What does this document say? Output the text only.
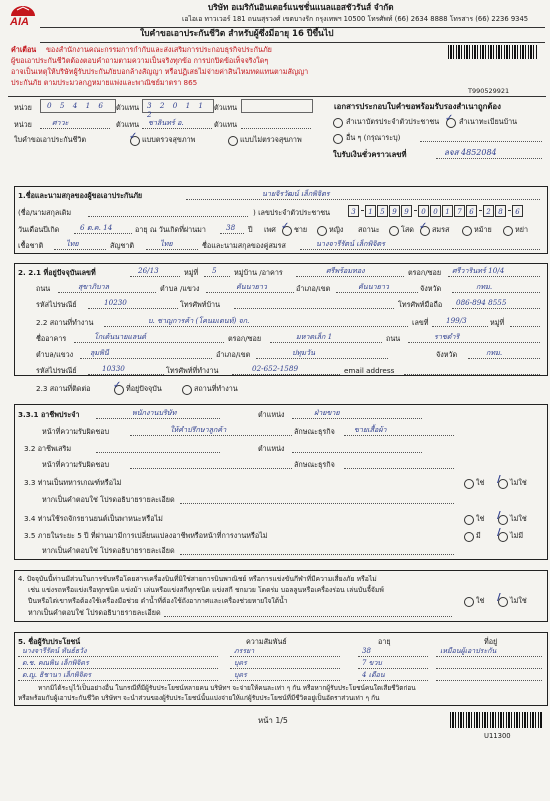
AIA
บริษัท อเมริกันอินเตอร์แนชชั่นแนลแอสชัวรันส์ จำกัด
เอไอเอ ทาวเวอร์ 181 ถนนสุรวงศ์ เขตบางรัก กรุงเทพฯ 10500 โทรศัพท์ (66) 2634 8888 โทรสาร (66) 2236 9345
ใบคำขอเอาประกันชีวิต สำหรับผู้ซึ่งมีอายุ 16 ปีขึ้นไป
คำเตือน ของสำนักงานคณะกรรมการกำกับและส่งเสริมการประกอบธุรกิจประกันภัย
ผู้ขอเอาประกันชีวิตต้องตอบคำถามตามความเป็นจริงทุกข้อ การปกปิดข้อเท็จจริงใดๆ
อาจเป็นเหตุให้บริษัทผู้รับประกันภัยบอกล้างสัญญา หรือปฏิเสธไม่จ่ายค่าสินไหมทดแทนตามสัญญา
ประกันภัย ตามประมวลกฎหมายแพ่งและพาณิชย์มาตรา 865
T990529921
หน่วย 0 5 4 1 6 ตัวแทน 3 2 0 1 1 2
ตัวแทน
หน่วย	ศาวะ	ตัวแทน ชาลินทร์ อ.	ตัวแทน
เอกสารประกอบใบคำขอพร้อมรับรองสำเนาถูกต้อง
สำเนาบัตรประจำตัวประชาชน ✓ สำเนาทะเบียนบ้าน
อื่น ๆ (กรุณาระบุ)
ใบรับเงินชั่วคราวเลขที่	ลจส 4852084
ใบคำขอเอาประกันชีวิต	✓ แบบตรวจสุขภาพ	แบบไม่ตรวจสุขภาพ
1.ชื่อและนามสกุลของผู้ขอเอาประกันภัย	นายจิรวัฒน์ เล็กพิจิตร
(ชื่อ/นามสกุลเดิม	) เลขประจำตัวประชาชน	3	1	5	9	9	0	0	1	7	6	2	8	6
วันเดือนปีเกิด	6 ต.ค. 14	อายุ ณ วันเกิดที่ผ่านมา	38 ปี เพศ ✓ ชาย	หญิง สถานะ	โสด ✓ สมรส	หม้าย	หย่า
เชื้อชาติ	ไทย	สัญชาติ	ไทย	ชื่อและนามสกุลของคู่สมรส	นางจารีรัตน์ เล็กพิจิตร
2. 2.1 ที่อยู่ปัจจุบันเลขที่	26/13	หมู่ที่ 5 หมู่บ้าน /อาคาร	ศรีพร้อมทอง	ตรอก/ซอย ศรีวารินทร์ 10/4
ถนน	สุขาภิบาล	ตำบล /แขวง	คันนายาว	อำเภอ/เขต	คันนายาว	จังหวัด	กทม.
รหัสไปรษณีย์	10230	โทรศัพท์บ้าน	โทรศัพท์มือถือ 086-894 8555
2.2 สถานที่ทำงาน	บ. ชาญการค้า (โคนมเดนท์) จก.	เลขที่ 199/3	หมู่ที่
ชื่ออาคาร	โกเด้นนายแลนด์	ตรอก/ซอย	มหาดเล็ก 1	ถนน	ราชดำริ
ตำบล/แขวง ลุมพินี	อำเภอ/เขต	ปทุมวัน	จังหวัด	กทม.
รหัสไปรษณีย์	10330	โทรศัพท์ที่ทำงาน	02-652-1589	email address
2.3 สถานที่ติดต่อ ✓ ที่อยู่ปัจจุบัน	สถานที่ทำงาน
3.3.1 อาชีพประจำ	พนักงานบริษัท	ตำแหน่ง	ฝ่ายขาย
หน้าที่ความรับผิดชอบ	ให้คำปรึกษาลูกค้า	ลักษณะธุรกิจ	ขายเสื้อผ้า
3.2 อาชีพเสริม	ตำแหน่ง
หน้าที่ความรับผิดชอบ	ลักษณะธุรกิจ
3.3 ท่านเป็นทหารเกณฑ์หรือไม่	ใช่ / ไม่ใช่
หากเป็นคำตอบใช่ โปรดอธิบายรายละเอียด
3.4 ท่านใช้รถจักรยานยนต์เป็นพาหนะหรือไม่	ใช่ / ไม่ใช่
3.5 ภายในระยะ 5 ปี ที่ผ่านมามีการเปลี่ยนแปลงอาชีพหรือหน้าที่การงานหรือไม่	มี / ไม่มี
หากเป็นคำตอบใช่ โปรดอธิบายรายละเอียด
4. ปัจจุบันนี้ท่านมีส่วนในการขับหรือโดยสารเครื่องบินที่มิใช่สายการบินพาณิชย์ หรือการแข่งขันกีฬาที่มีความเสี่ยงภัย หรือไม่
เช่น แข่งรถหรือแข่งเรือทุกชนิด แข่งม้า เล่นหรือแข่งสกีทุกชนิด แข่งสกี ชกมวย โดดร่ม บอลลูนหรือเครื่องร่อน เล่นบันจี้จัมพ์
ปีนหรือไต่เขาหรือต้องใช้เครื่องมือช่วย ดำน้ำที่ต้องใช้ถังอากาศและเครื่องช่วยหายใจใต้น้ำ	ใช่ / ไม่ใช่
หากเป็นคำตอบใช่ โปรดอธิบายรายละเอียด
5. ชื่อผู้รับประโยชน์	ความสัมพันธ์	อายุ	ที่อยู่
นางจารีรัตน์ ทันธ์ธวัง	ภรรยา	38	เหมือนผู้เอาประกัน
ด.ช. คณพิน เล็กพิจิตร	บุตร	7 ขวบ
ด.ญ. ธิชานา เล็กพิจิตร	บุตร	4 เดือน
หากมิได้ระบุไว้เป็นอย่างอื่น ในกรณีที่มีผู้รับประโยชน์หลายคน บริษัทฯ จะจ่ายให้คนละเท่า ๆ กัน หรือหากผู้รับประโยชน์คนใดเสียชีวิตก่อน
หรือพร้อมกับผู้เอาประกันชีวิต บริษัทฯ จะนำส่วนของผู้รับประโยชน์นั้นแบ่งจ่ายให้แก่ผู้รับประโยชน์ที่มีชีวิตอยู่เป็นอัตราส่วนเท่า ๆ กัน
หน้า 1/5
U11300
